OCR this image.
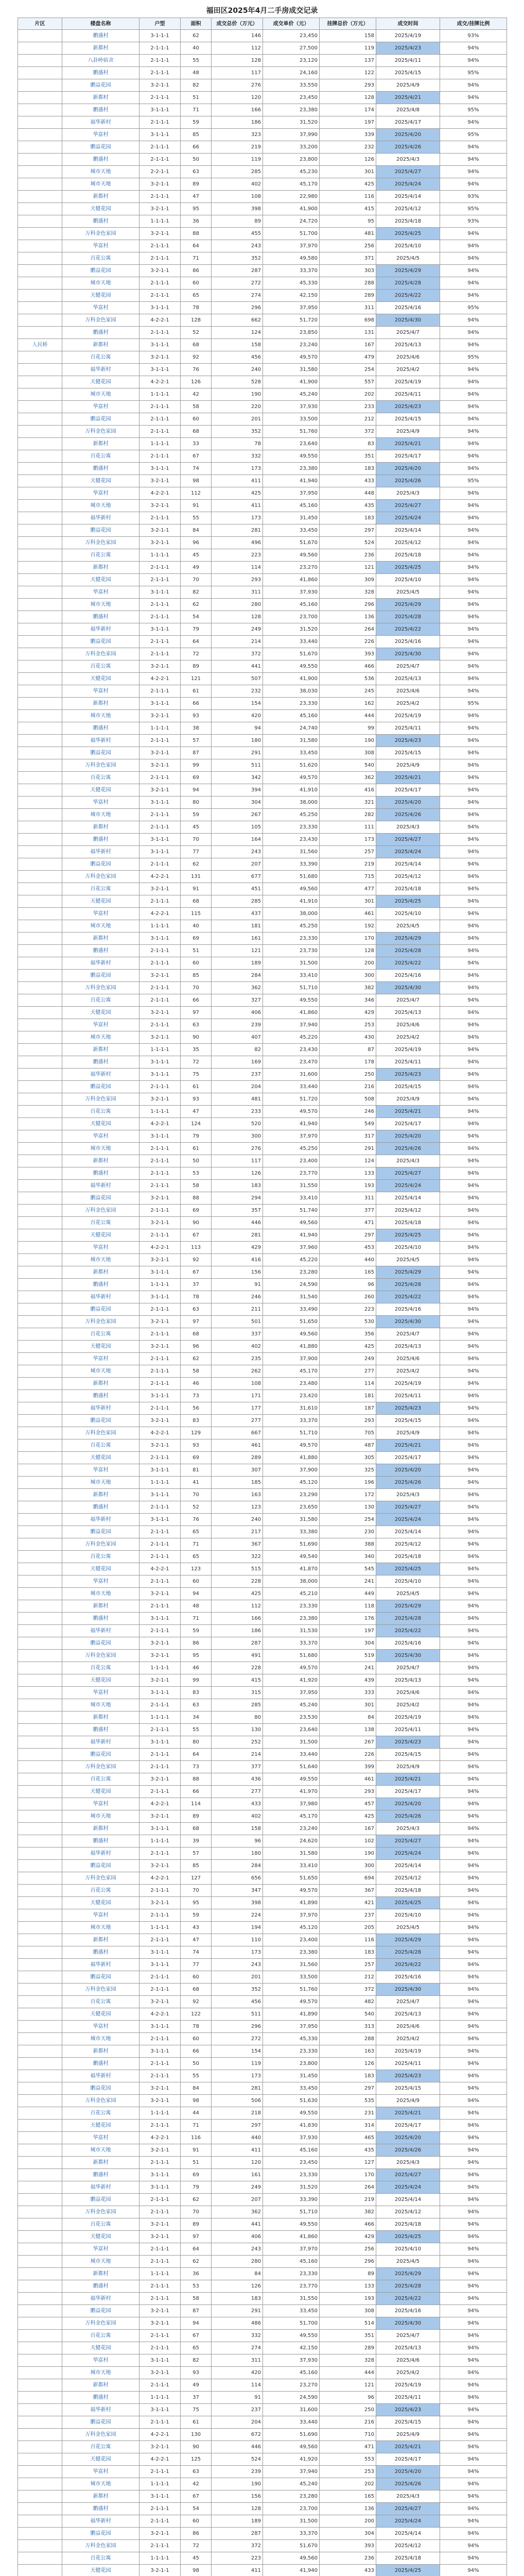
福田区2025年4月二手房成交记录
片区	楼盘名称	户型	面积	成交总价（万元）	成交单价（元）	挂牌总价（万元）	成交时间	成交/挂牌比例
	鹏盛村	3-1-1-1	62	146	23,450	158	2025/4/19	93%
	新都村	2-1-1-1	40	112	27,500	119	2025/4/23	94%
	八卦岭宿舍	2-1-1-1	55	128	23,120	137	2025/4/11	94%
	鹏盛村	2-1-1-1	48	117	24,160	122	2025/4/15	95%
	鹏益花园	3-2-1-1	82	276	33,550	293	2025/4/9	94%
	新都村	2-1-1-1	51	120	23,450	128	2025/4/21	94%
	鹏盛村	3-1-1-1	71	166	23,380	174	2025/4/8	95%
	福华新村	2-1-1-1	59	186	31,520	197	2025/4/17	94%
	华富村	3-1-1-1	85	323	37,990	339	2025/4/20	95%
	鹏益花园	2-1-1-1	66	219	33,200	232	2025/4/26	94%
	鹏盛村	2-1-1-1	50	119	23,800	126	2025/4/3	94%
	城市天地	2-2-1-1	63	285	45,230	301	2025/4/27	94%
	城市天地	3-2-1-1	89	402	45,170	425	2025/4/24	94%
	新都村	2-1-1-1	47	108	22,980	116	2025/4/14	93%
	天健花园	3-2-1-1	95	398	41,900	415	2025/4/12	95%
	鹏盛村	1-1-1-1	36	89	24,720	95	2025/4/18	93%
	万科金色家园	3-2-1-1	88	455	51,700	481	2025/4/25	94%
	华富村	2-1-1-1	64	243	37,970	256	2025/4/10	94%
	百花公寓	2-1-1-1	71	352	49,580	371	2025/4/5	94%
	鹏益花园	3-2-1-1	86	287	33,370	303	2025/4/29	94%
	城市天地	2-1-1-1	60	272	45,330	288	2025/4/28	94%
	天健花园	2-1-1-1	65	274	42,150	289	2025/4/22	94%
	华富村	3-1-1-1	78	296	37,950	311	2025/4/16	95%
	万科金色家园	4-2-2-1	128	662	51,720	698	2025/4/30	94%
	鹏盛村	2-1-1-1	52	124	23,850	131	2025/4/7	94%
人民桥	新都村	3-1-1-1	68	158	23,240	167	2025/4/13	94%
	百花公寓	3-2-1-1	92	456	49,570	479	2025/4/6	95%
	福华新村	3-1-1-1	76	240	31,580	254	2025/4/2	94%
	天健花园	4-2-2-1	126	528	41,900	557	2025/4/19	94%
	城市天地	1-1-1-1	42	190	45,240	202	2025/4/11	94%
	华富村	2-1-1-1	58	220	37,930	233	2025/4/23	94%
	鹏益花园	2-1-1-1	60	201	33,500	212	2025/4/15	94%
	万科金色家园	2-1-1-1	68	352	51,760	372	2025/4/9	94%
	新都村	1-1-1-1	33	78	23,640	83	2025/4/21	94%
	百花公寓	2-1-1-1	67	332	49,550	351	2025/4/17	94%
	鹏盛村	3-1-1-1	74	173	23,380	183	2025/4/20	94%
	天健花园	3-2-1-1	98	411	41,940	433	2025/4/26	95%
	华富村	4-2-2-1	112	425	37,950	448	2025/4/3	94%
	城市天地	3-2-1-1	91	411	45,160	435	2025/4/27	94%
	福华新村	2-1-1-1	55	173	31,450	183	2025/4/24	94%
	鹏益花园	3-2-1-1	84	281	33,450	297	2025/4/14	94%
	万科金色家园	3-2-1-1	96	496	51,670	524	2025/4/12	94%
	百花公寓	1-1-1-1	45	223	49,560	236	2025/4/18	94%
	新都村	2-1-1-1	49	114	23,270	121	2025/4/25	94%
	天健花园	2-1-1-1	70	293	41,860	309	2025/4/10	94%
	华富村	3-1-1-1	82	311	37,930	328	2025/4/5	94%
	城市天地	2-1-1-1	62	280	45,160	296	2025/4/29	94%
	鹏盛村	2-1-1-1	54	128	23,700	136	2025/4/28	94%
	福华新村	3-1-1-1	79	249	31,520	264	2025/4/22	94%
	鹏益花园	2-1-1-1	64	214	33,440	226	2025/4/16	94%
	万科金色家园	2-1-1-1	72	372	51,670	393	2025/4/30	94%
	百花公寓	3-2-1-1	89	441	49,550	466	2025/4/7	94%
	天健花园	4-2-2-1	121	507	41,900	536	2025/4/13	94%
	华富村	2-1-1-1	61	232	38,030	245	2025/4/6	94%
	新都村	3-1-1-1	66	154	23,330	162	2025/4/2	95%
	城市天地	3-2-1-1	93	420	45,160	444	2025/4/19	94%
	鹏盛村	1-1-1-1	38	94	24,740	99	2025/4/11	94%
	福华新村	2-1-1-1	57	180	31,580	190	2025/4/23	94%
	鹏益花园	3-2-1-1	87	291	33,450	308	2025/4/15	94%
	万科金色家园	3-2-1-1	99	511	51,620	540	2025/4/9	94%
	百花公寓	2-1-1-1	69	342	49,570	362	2025/4/21	94%
	天健花园	3-2-1-1	94	394	41,910	416	2025/4/17	94%
	华富村	3-1-1-1	80	304	38,000	321	2025/4/20	94%
	城市天地	2-1-1-1	59	267	45,250	282	2025/4/26	94%
	新都村	2-1-1-1	45	105	23,330	111	2025/4/3	94%
	鹏盛村	3-1-1-1	70	164	23,430	173	2025/4/27	94%
	福华新村	3-1-1-1	77	243	31,560	257	2025/4/24	94%
	鹏益花园	2-1-1-1	62	207	33,390	219	2025/4/14	94%
	万科金色家园	4-2-2-1	131	677	51,680	715	2025/4/12	94%
	百花公寓	3-2-1-1	91	451	49,560	477	2025/4/18	94%
	天健花园	2-1-1-1	68	285	41,910	301	2025/4/25	94%
	华富村	4-2-2-1	115	437	38,000	461	2025/4/10	94%
	城市天地	1-1-1-1	40	181	45,250	192	2025/4/5	94%
	新都村	3-1-1-1	69	161	23,330	170	2025/4/29	94%
	鹏盛村	2-1-1-1	51	121	23,730	128	2025/4/28	94%
	福华新村	2-1-1-1	60	189	31,500	200	2025/4/22	94%
	鹏益花园	3-2-1-1	85	284	33,410	300	2025/4/16	94%
	万科金色家园	2-1-1-1	70	362	51,710	382	2025/4/30	94%
	百花公寓	2-1-1-1	66	327	49,550	346	2025/4/7	94%
	天健花园	3-2-1-1	97	406	41,860	429	2025/4/13	94%
	华富村	2-1-1-1	63	239	37,940	253	2025/4/6	94%
	城市天地	3-2-1-1	90	407	45,220	430	2025/4/2	94%
	新都村	1-1-1-1	35	82	23,430	87	2025/4/19	94%
	鹏盛村	3-1-1-1	72	169	23,470	178	2025/4/11	94%
	福华新村	3-1-1-1	75	237	31,600	250	2025/4/23	94%
	鹏益花园	2-1-1-1	61	204	33,440	216	2025/4/15	94%
	万科金色家园	3-2-1-1	93	481	51,720	508	2025/4/9	94%
	百花公寓	1-1-1-1	47	233	49,570	246	2025/4/21	94%
	天健花园	4-2-2-1	124	520	41,940	549	2025/4/17	94%
	华富村	3-1-1-1	79	300	37,970	317	2025/4/20	94%
	城市天地	2-1-1-1	61	276	45,250	291	2025/4/26	94%
	新都村	2-1-1-1	50	117	23,400	124	2025/4/3	94%
	鹏盛村	2-1-1-1	53	126	23,770	133	2025/4/27	94%
	福华新村	2-1-1-1	58	183	31,550	193	2025/4/24	94%
	鹏益花园	3-2-1-1	88	294	33,410	311	2025/4/14	94%
	万科金色家园	2-1-1-1	69	357	51,740	377	2025/4/12	94%
	百花公寓	3-2-1-1	90	446	49,560	471	2025/4/18	94%
	天健花园	2-1-1-1	67	281	41,940	297	2025/4/25	94%
	华富村	4-2-2-1	113	429	37,960	453	2025/4/10	94%
	城市天地	3-2-1-1	92	416	45,220	440	2025/4/5	94%
	新都村	3-1-1-1	67	156	23,280	165	2025/4/29	94%
	鹏盛村	1-1-1-1	37	91	24,590	96	2025/4/28	94%
	福华新村	3-1-1-1	78	246	31,540	260	2025/4/22	94%
	鹏益花园	2-1-1-1	63	211	33,490	223	2025/4/16	94%
	万科金色家园	3-2-1-1	97	501	51,650	530	2025/4/30	94%
	百花公寓	2-1-1-1	68	337	49,560	356	2025/4/7	94%
	天健花园	3-2-1-1	96	402	41,880	425	2025/4/13	94%
	华富村	2-1-1-1	62	235	37,900	249	2025/4/6	94%
	城市天地	2-1-1-1	58	262	45,170	277	2025/4/2	94%
	新都村	2-1-1-1	46	108	23,480	114	2025/4/19	94%
	鹏盛村	3-1-1-1	73	171	23,420	181	2025/4/11	94%
	福华新村	2-1-1-1	56	177	31,610	187	2025/4/23	94%
	鹏益花园	3-2-1-1	83	277	33,370	293	2025/4/15	94%
	万科金色家园	4-2-2-1	129	667	51,710	705	2025/4/9	94%
	百花公寓	3-2-1-1	93	461	49,570	487	2025/4/21	94%
	天健花园	2-1-1-1	69	289	41,880	305	2025/4/17	94%
	华富村	3-1-1-1	81	307	37,900	325	2025/4/20	94%
	城市天地	1-1-1-1	41	185	45,120	196	2025/4/26	94%
	新都村	3-1-1-1	70	163	23,290	172	2025/4/3	94%
	鹏盛村	2-1-1-1	52	123	23,650	130	2025/4/27	94%
	福华新村	3-1-1-1	76	240	31,580	254	2025/4/24	94%
	鹏益花园	2-1-1-1	65	217	33,380	230	2025/4/14	94%
	万科金色家园	2-1-1-1	71	367	51,690	388	2025/4/12	94%
	百花公寓	2-1-1-1	65	322	49,540	340	2025/4/18	94%
	天健花园	4-2-2-1	123	515	41,870	545	2025/4/25	94%
	华富村	2-1-1-1	60	228	38,000	241	2025/4/10	94%
	城市天地	3-2-1-1	94	425	45,210	449	2025/4/5	94%
	新都村	2-1-1-1	48	112	23,330	118	2025/4/29	94%
	鹏盛村	3-1-1-1	71	166	23,380	176	2025/4/28	94%
	福华新村	2-1-1-1	59	186	31,530	197	2025/4/22	94%
	鹏益花园	3-2-1-1	86	287	33,370	304	2025/4/16	94%
	万科金色家园	3-2-1-1	95	491	51,680	519	2025/4/30	94%
	百花公寓	1-1-1-1	46	228	49,570	241	2025/4/7	94%
	天健花园	3-2-1-1	99	415	41,920	439	2025/4/13	94%
	华富村	3-1-1-1	83	315	37,950	333	2025/4/6	94%
	城市天地	2-1-1-1	63	285	45,240	301	2025/4/2	94%
	新都村	1-1-1-1	34	80	23,530	84	2025/4/19	94%
	鹏盛村	2-1-1-1	55	130	23,640	138	2025/4/11	94%
	福华新村	3-1-1-1	80	252	31,500	267	2025/4/23	94%
	鹏益花园	2-1-1-1	64	214	33,440	226	2025/4/15	94%
	万科金色家园	2-1-1-1	73	377	51,640	399	2025/4/9	94%
	百花公寓	3-2-1-1	88	436	49,550	461	2025/4/21	94%
	天健花园	2-1-1-1	66	277	41,970	293	2025/4/17	94%
	华富村	4-2-2-1	114	433	37,980	457	2025/4/20	94%
	城市天地	3-2-1-1	89	402	45,170	425	2025/4/26	94%
	新都村	3-1-1-1	68	158	23,240	167	2025/4/3	94%
	鹏盛村	1-1-1-1	39	96	24,620	102	2025/4/27	94%
	福华新村	2-1-1-1	57	180	31,580	190	2025/4/24	94%
	鹏益花园	3-2-1-1	85	284	33,410	300	2025/4/14	94%
	万科金色家园	4-2-2-1	127	656	51,650	694	2025/4/12	94%
	百花公寓	2-1-1-1	70	347	49,570	367	2025/4/18	94%
	天健花园	3-2-1-1	95	398	41,890	421	2025/4/25	94%
	华富村	2-1-1-1	59	224	37,970	237	2025/4/10	94%
	城市天地	1-1-1-1	43	194	45,120	205	2025/4/5	94%
	新都村	2-1-1-1	47	110	23,400	116	2025/4/29	94%
	鹏盛村	3-1-1-1	74	173	23,380	183	2025/4/28	94%
	福华新村	3-1-1-1	77	243	31,560	257	2025/4/22	94%
	鹏益花园	2-1-1-1	60	201	33,500	212	2025/4/16	94%
	万科金色家园	2-1-1-1	68	352	51,760	372	2025/4/30	94%
	百花公寓	3-2-1-1	92	456	49,570	482	2025/4/7	94%
	天健花园	4-2-2-1	122	511	41,890	540	2025/4/13	94%
	华富村	3-1-1-1	78	296	37,950	313	2025/4/6	94%
	城市天地	2-1-1-1	60	272	45,330	288	2025/4/2	94%
	新都村	3-1-1-1	66	154	23,330	163	2025/4/19	94%
	鹏盛村	2-1-1-1	50	119	23,800	126	2025/4/11	94%
	福华新村	2-1-1-1	55	173	31,450	183	2025/4/23	94%
	鹏益花园	3-2-1-1	84	281	33,450	297	2025/4/15	94%
	万科金色家园	3-2-1-1	98	506	51,630	535	2025/4/9	94%
	百花公寓	1-1-1-1	44	218	49,550	231	2025/4/21	94%
	天健花园	2-1-1-1	71	297	41,830	314	2025/4/17	94%
	华富村	4-2-2-1	116	440	37,930	465	2025/4/20	94%
	城市天地	3-2-1-1	91	411	45,160	435	2025/4/26	94%
	新都村	2-1-1-1	51	120	23,450	127	2025/4/3	94%
	鹏盛村	3-1-1-1	69	161	23,330	170	2025/4/27	94%
	福华新村	3-1-1-1	79	249	31,520	264	2025/4/24	94%
	鹏益花园	2-1-1-1	62	207	33,390	219	2025/4/14	94%
	万科金色家园	2-1-1-1	70	362	51,710	382	2025/4/12	94%
	百花公寓	3-2-1-1	89	441	49,550	466	2025/4/18	94%
	天健花园	3-2-1-1	97	406	41,860	429	2025/4/25	94%
	华富村	2-1-1-1	64	243	37,970	256	2025/4/10	94%
	城市天地	2-1-1-1	62	280	45,160	296	2025/4/5	94%
	新都村	1-1-1-1	36	84	23,330	89	2025/4/29	94%
	鹏盛村	2-1-1-1	53	126	23,770	133	2025/4/28	94%
	福华新村	2-1-1-1	58	183	31,550	193	2025/4/22	94%
	鹏益花园	3-2-1-1	87	291	33,450	308	2025/4/16	94%
	万科金色家园	3-2-1-1	94	486	51,700	514	2025/4/30	94%
	百花公寓	2-1-1-1	67	332	49,550	351	2025/4/7	94%
	天健花园	2-1-1-1	65	274	42,150	289	2025/4/13	94%
	华富村	3-1-1-1	82	311	37,930	328	2025/4/6	94%
	城市天地	3-2-1-1	93	420	45,160	444	2025/4/2	94%
	新都村	2-1-1-1	49	114	23,270	121	2025/4/19	94%
	鹏盛村	1-1-1-1	37	91	24,590	96	2025/4/11	94%
	福华新村	3-1-1-1	75	237	31,600	250	2025/4/23	94%
	鹏益花园	2-1-1-1	61	204	33,440	216	2025/4/15	94%
	万科金色家园	4-2-2-1	130	672	51,690	710	2025/4/9	94%
	百花公寓	3-2-1-1	90	446	49,560	471	2025/4/21	94%
	天健花园	4-2-2-1	125	524	41,920	553	2025/4/17	94%
	华富村	2-1-1-1	63	239	37,940	253	2025/4/20	94%
	城市天地	1-1-1-1	42	190	45,240	202	2025/4/26	94%
	新都村	3-1-1-1	67	156	23,280	165	2025/4/3	94%
	鹏盛村	2-1-1-1	54	128	23,700	136	2025/4/27	94%
	福华新村	2-1-1-1	60	189	31,500	200	2025/4/24	94%
	鹏益花园	3-2-1-1	86	287	33,370	304	2025/4/14	94%
	万科金色家园	2-1-1-1	72	372	51,670	393	2025/4/12	94%
	百花公寓	1-1-1-1	45	223	49,560	236	2025/4/18	94%
	天健花园	3-2-1-1	98	411	41,940	433	2025/4/25	94%
